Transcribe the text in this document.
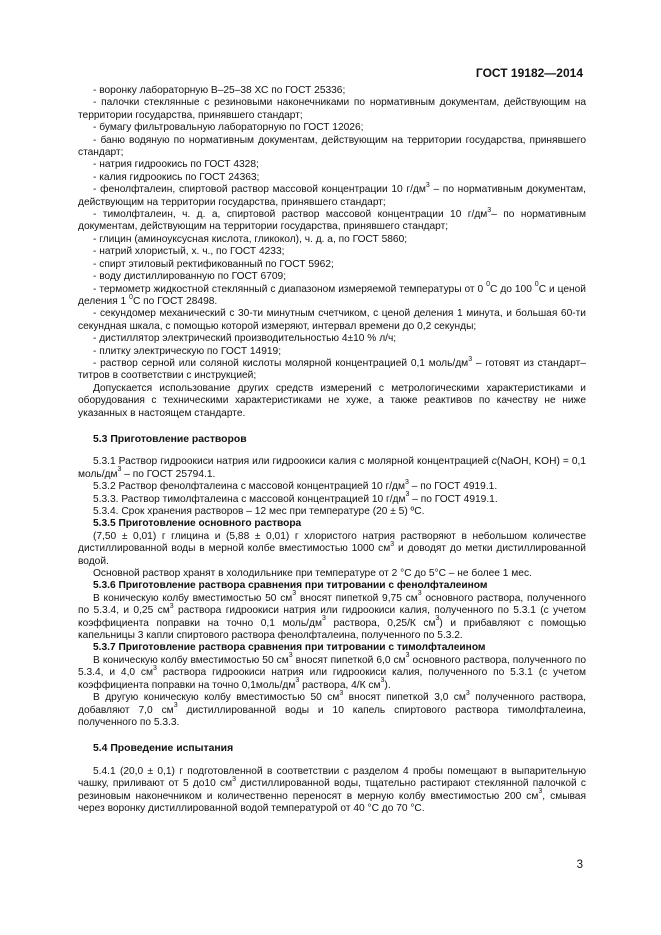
ГОСТ 19182—2014

- воронку лабораторную В–25–38 ХС по ГОСТ 25336;

- палочки стеклянные с резиновыми наконечниками по нормативным документам, действующим на территории государства, принявшего стандарт;

- бумагу фильтровальную лабораторную по ГОСТ 12026;

- баню водяную по нормативным документам, действующим на территории государства, принявшего стандарт;

- натрия гидроокись по ГОСТ 4328;

- калия гидроокись по ГОСТ 24363;

- фенолфталеин, спиртовой раствор массовой концентрации 10 $г/дм^3$ – по нормативным документам, действующим на территории государства, принявшего стандарт;

- тимолфталеин, ч. д. а, спиртовой раствор массовой концентрации 10 $г/дм^3-$ по нормативным документам, действующим на территории государства, принявшего стандарт;

- глицин (аминоуксусная кислота, гликокол), ч. д. а, по ГОСТ 5860;

- натрий хлористый, х. ч., по ГОСТ 4233;

- спирт этиловый ректификованный по ГОСТ 5962;

- воду дистиллированную по ГОСТ 6709;

- термометр жидкостной стеклянный с диапазоном измеряемой температуры от 0 $^0$С до 100 $^0$С и ценой деления 1 $^0$С по ГОСТ 28498.

- секундомер механический с 30-ти минутным счетчиком, с ценой деления 1 минута, и большая 60-ти секундная шкала, с помощью которой измеряют, интервал времени до 0,2 секунды;

- дистиллятор электрический производительностью 4±10 % л/ч;

- плитку электрическую по ГОСТ 14919;

- раствор серной или соляной кислоты молярной концентрацией 0,1 моль/$дм^3$ – готовят из стандарт–титров в соответствии с инструкцией;

Допускается использование других средств измерений с метрологическими характеристиками и оборудования с техническими характеристиками не хуже, а также реактивов по качеству не ниже указанных в настоящем стандарте.

5.3 Приготовление растворов

5.3.1 Раствор гидроокиси натрия или гидроокиси калия с молярной концентрацией с(NaOH, KOH) = 0,1 моль/$дм^3$ – по ГОСТ 25794.1.

5.3.2 Раствор фенолфталеина с массовой концентрацией 10 $г/дм^3$ – по ГОСТ 4919.1.

5.3.3. Раствор тимолфталеина с массовой концентрацией 10 $г/дм^3$ – по ГОСТ 4919.1.

5.3.4. Срок хранения растворов – 12 мес при температуре (20 ± 5) ºС.

5.3.5 Приготовление основного раствора

(7,50 ± 0,01) г глицина и (5,88 ± 0,01) г хлористого натрия растворяют в небольшом количестве дистиллированной воды в мерной колбе вместимостью 1000 $см^3$ и доводят до метки дистиллированной водой.

Основной раствор хранят в холодильнике при температуре от 2 °С до 5°С – не более 1 мес.

5.3.6 Приготовление раствора сравнения при титровании с фенолфталеином

В коническую колбу вместимостью 50 $см^3$ вносят пипеткой 9,75 $см^3$ основного раствора, полученного по 5.3.4, и 0,25 $см^3$ раствора гидроокиси натрия или гидроокиси калия, полученного по 5.3.1 (с учетом коэффициента поправки на точно 0,1 моль/$дм^3$ раствора, 0,25/К $см^3$) и прибавляют с помощью капельницы 3 капли спиртового раствора фенолфталеина, полученного по 5.3.2.

5.3.7 Приготовление раствора сравнения при титровании с тимолфталеином

В коническую колбу вместимостью 50 $см^3$ вносят пипеткой 6,0 $см^3$ основного раствора, полученного по 5.3.4, и 4,0 $см^3$ раствора гидроокиси натрия или гидроокиси калия, полученного по 5.3.1 (с учетом коэффициента поправки на точно $0,1моль/дм^3$ раствора, 4/К $см^3$).

В другую коническую колбу вместимостью 50 $см^3$ вносят пипеткой 3,0 $см^3$ полученного раствора, добавляют 7,0 $см^3$ дистиллированной воды и 10 капель спиртового раствора тимолфталеина, полученного по 5.3.3.

5.4 Проведение испытания

5.4.1 (20,0 ± 0,1) г подготовленной в соответствии с разделом 4 пробы помещают в выпарительную чашку, приливают от 5 до10 $см^3$ дистиллированной воды, тщательно растирают стеклянной палочкой с резиновым наконечником и количественно переносят в мерную колбу вместимостью 200 $см^3$, смывая через воронку дистиллированной водой температурой от 40 °С до 70 °С.

3
